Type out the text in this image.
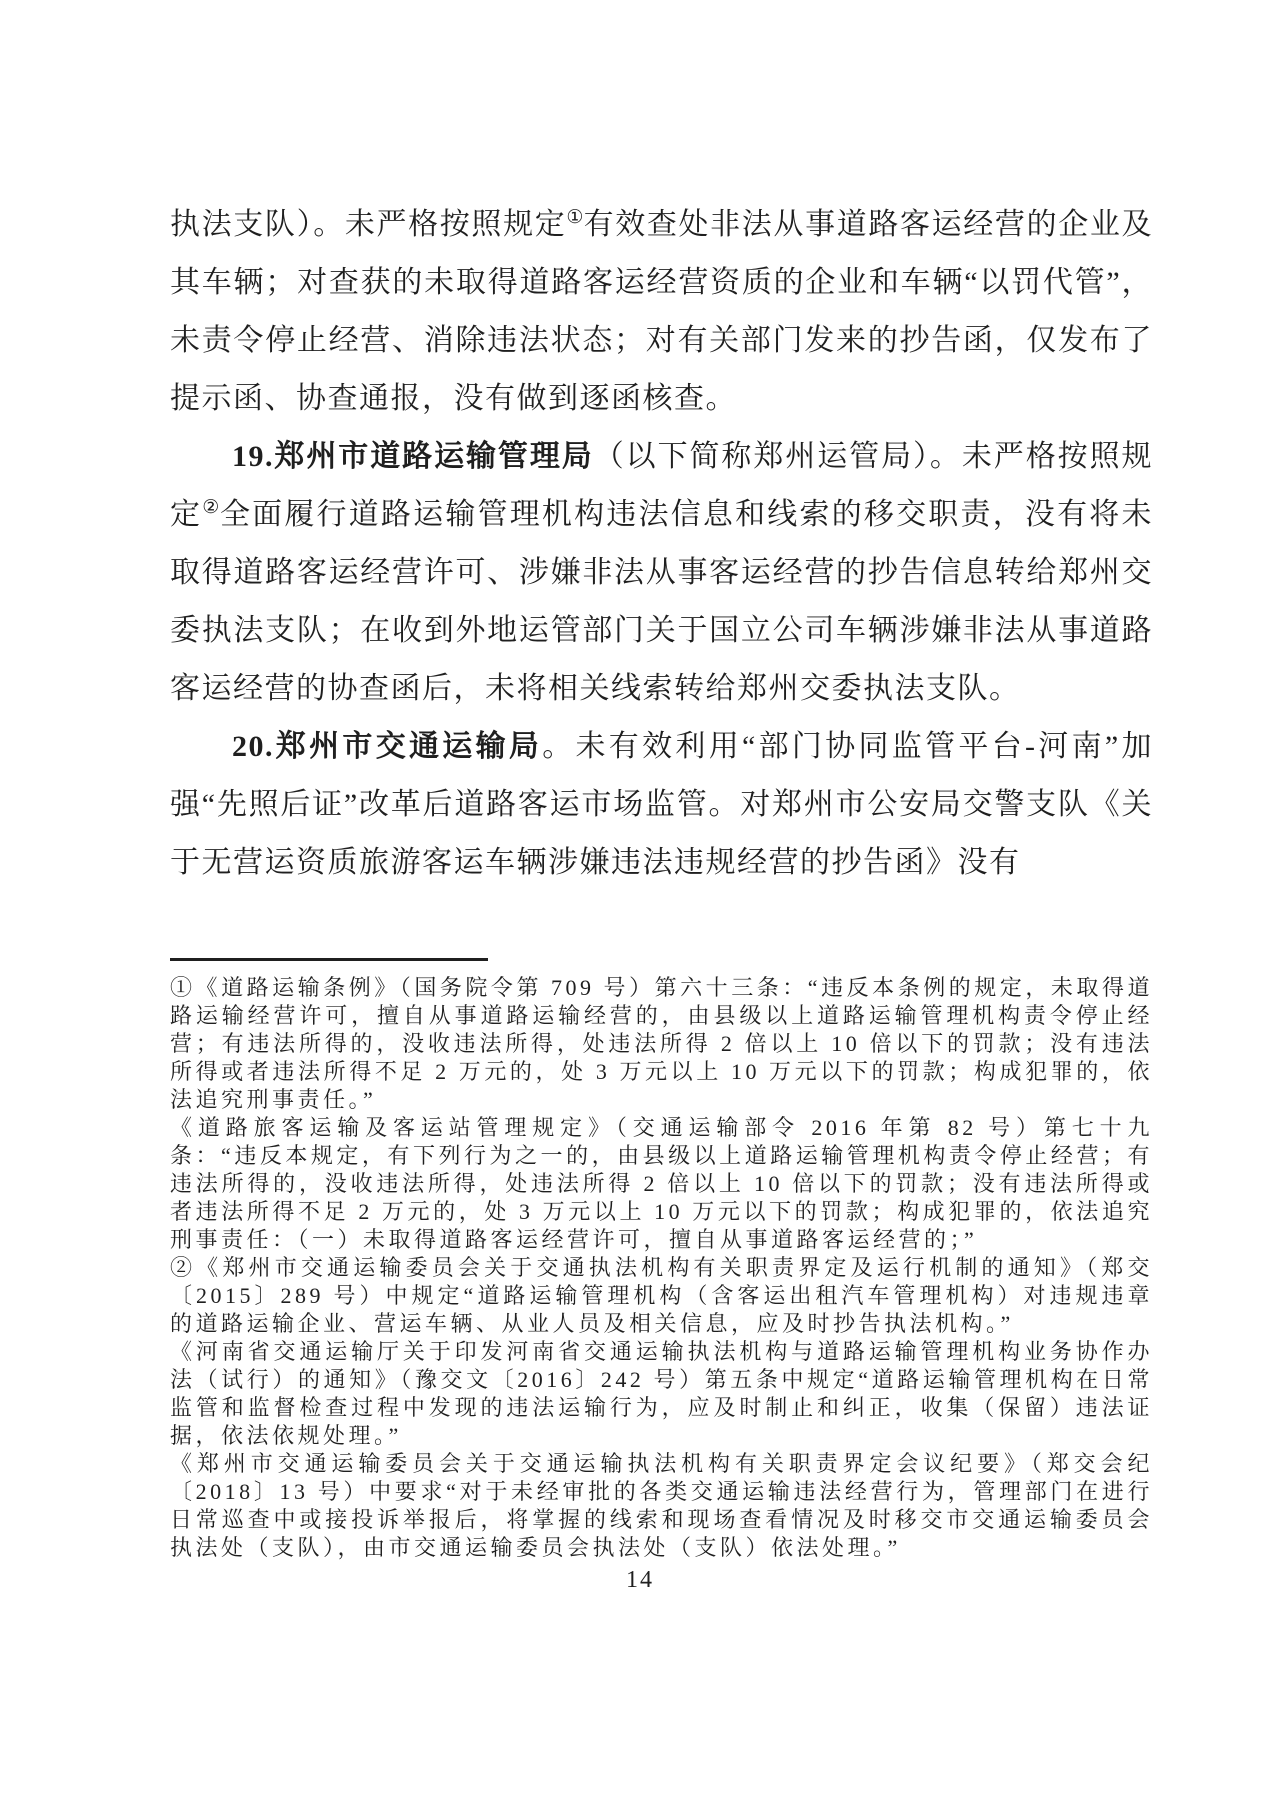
执法支队）。未严格按照规定①有效查处非法从事道路客运经营的企业及其车辆；对查获的未取得道路客运经营资质的企业和车辆“以罚代管”，未责令停止经营、消除违法状态；对有关部门发来的抄告函，仅发布了提示函、协查通报，没有做到逐函核查。

19.郑州市道路运输管理局（以下简称郑州运管局）。未严格按照规定②全面履行道路运输管理机构违法信息和线索的移交职责，没有将未取得道路客运经营许可、涉嫌非法从事客运经营的抄告信息转给郑州交委执法支队；在收到外地运管部门关于国立公司车辆涉嫌非法从事道路客运经营的协查函后，未将相关线索转给郑州交委执法支队。

20.郑州市交通运输局。未有效利用“部门协同监管平台-河南”加强“先照后证”改革后道路客运市场监管。对郑州市公安局交警支队《关于无营运资质旅游客运车辆涉嫌违法违规经营的抄告函》没有

①《道路运输条例》（国务院令第 709 号）第六十三条：“违反本条例的规定，未取得道路运输经营许可，擅自从事道路运输经营的，由县级以上道路运输管理机构责令停止经营；有违法所得的，没收违法所得，处违法所得 2 倍以上 10 倍以下的罚款；没有违法所得或者违法所得不足 2 万元的，处 3 万元以上 10 万元以下的罚款；构成犯罪的，依法追究刑事责任。”

《道路旅客运输及客运站管理规定》（交通运输部令 2016 年第 82 号）第七十九条：“违反本规定，有下列行为之一的，由县级以上道路运输管理机构责令停止经营；有违法所得的，没收违法所得，处违法所得 2 倍以上 10 倍以下的罚款；没有违法所得或者违法所得不足 2 万元的，处 3 万元以上 10 万元以下的罚款；构成犯罪的，依法追究刑事责任：（一）未取得道路客运经营许可，擅自从事道路客运经营的；”

②《郑州市交通运输委员会关于交通执法机构有关职责界定及运行机制的通知》（郑交〔2015〕289 号）中规定“道路运输管理机构（含客运出租汽车管理机构）对违规违章的道路运输企业、营运车辆、从业人员及相关信息，应及时抄告执法机构。”

《河南省交通运输厅关于印发河南省交通运输执法机构与道路运输管理机构业务协作办法（试行）的通知》（豫交文〔2016〕242 号）第五条中规定“道路运输管理机构在日常监管和监督检查过程中发现的违法运输行为，应及时制止和纠正，收集（保留）违法证据，依法依规处理。”

《郑州市交通运输委员会关于交通运输执法机构有关职责界定会议纪要》（郑交会纪〔2018〕13 号）中要求“对于未经审批的各类交通运输违法经营行为，管理部门在进行日常巡查中或接投诉举报后，将掌握的线索和现场查看情况及时移交市交通运输委员会执法处（支队），由市交通运输委员会执法处（支队）依法处理。”

14
